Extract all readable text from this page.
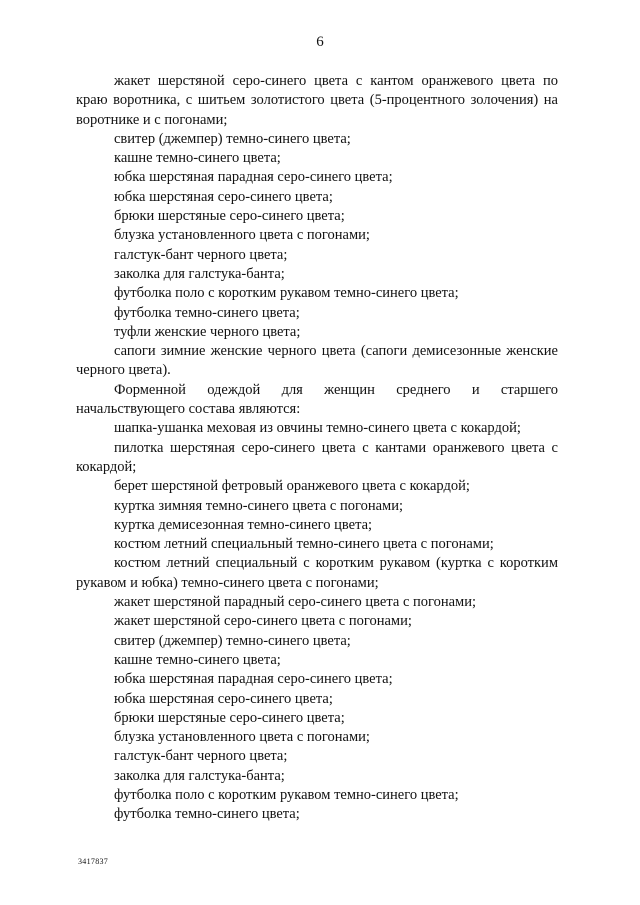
6

жакет шерстяной серо-синего цвета с кантом оранжевого цвета по краю воротника, с шитьем золотистого цвета (5-процентного золочения) на воротнике и с погонами;

свитер (джемпер) темно-синего цвета;

кашне темно-синего цвета;

юбка шерстяная парадная серо-синего цвета;

юбка шерстяная серо-синего цвета;

брюки шерстяные серо-синего цвета;

блузка установленного цвета с погонами;

галстук-бант черного цвета;

заколка для галстука-банта;

футболка поло с коротким рукавом темно-синего цвета;

футболка темно-синего цвета;

туфли женские черного цвета;

сапоги зимние женские черного цвета (сапоги демисезонные женские черного цвета).

Форменной одеждой для женщин среднего и старшего начальствующего состава являются:

шапка-ушанка меховая из овчины темно-синего цвета с кокардой;

пилотка шерстяная серо-синего цвета с кантами оранжевого цвета с кокардой;

берет шерстяной фетровый оранжевого цвета с кокардой;

куртка зимняя темно-синего цвета с погонами;

куртка демисезонная темно-синего цвета;

костюм летний специальный темно-синего цвета с погонами;

костюм летний специальный с коротким рукавом (куртка с коротким рукавом и юбка) темно-синего цвета с погонами;

жакет шерстяной парадный серо-синего цвета с погонами;

жакет шерстяной серо-синего цвета с погонами;

свитер (джемпер) темно-синего цвета;

кашне темно-синего цвета;

юбка шерстяная парадная серо-синего цвета;

юбка шерстяная серо-синего цвета;

брюки шерстяные серо-синего цвета;

блузка установленного цвета с погонами;

галстук-бант черного цвета;

заколка для галстука-банта;

футболка поло с коротким рукавом темно-синего цвета;

футболка темно-синего цвета;

3417837
